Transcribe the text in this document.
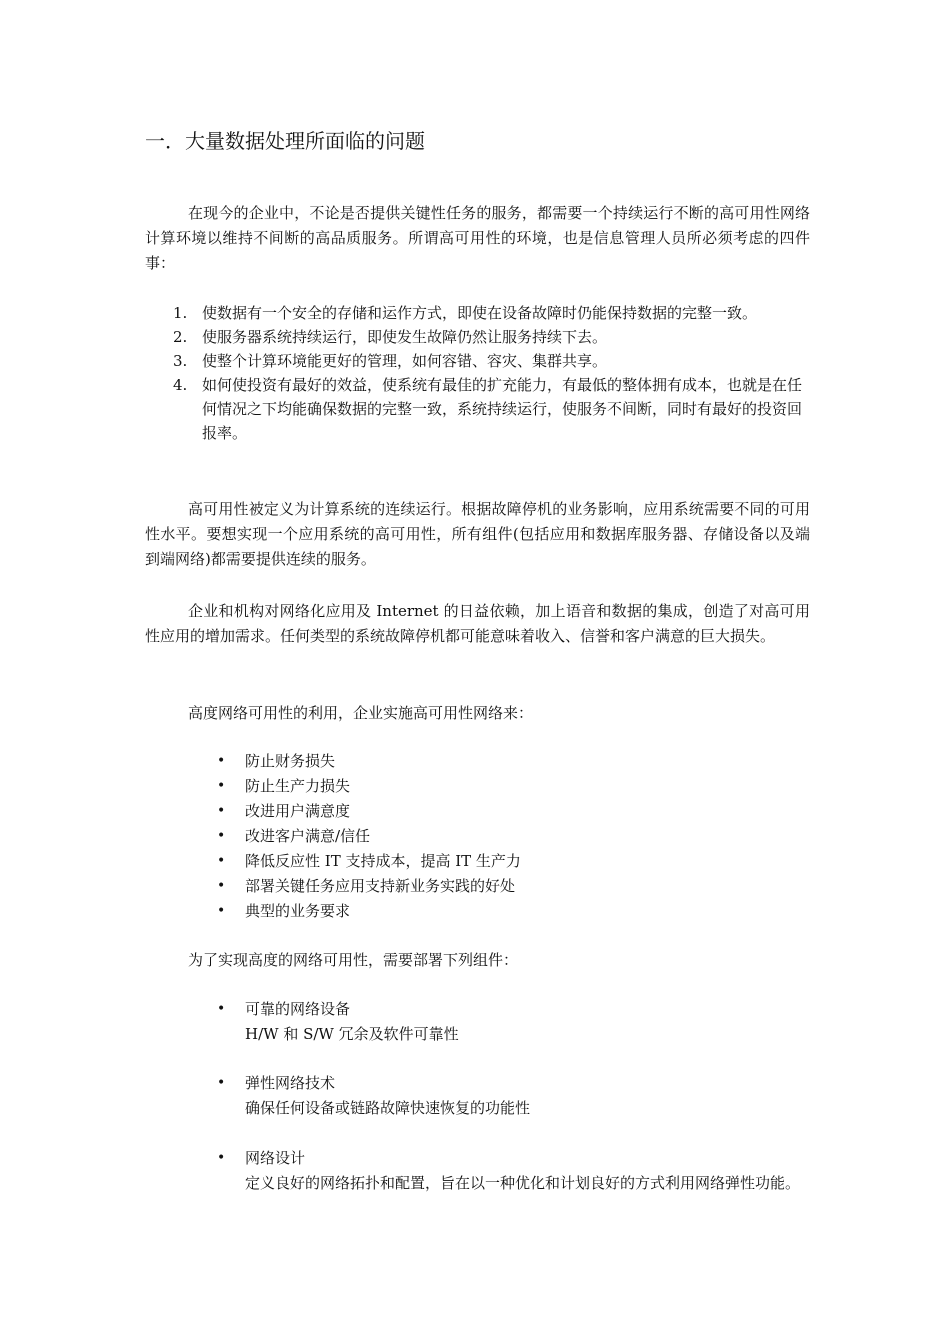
一．大量数据处理所面临的问题

在现今的企业中，不论是否提供关键性任务的服务，都需要一个持续运行不断的高可用性网络计算环境以维持不间断的高品质服务。所谓高可用性的环境，也是信息管理人员所必须考虑的四件事：

1. 使数据有一个安全的存储和运作方式，即使在设备故障时仍能保持数据的完整一致。
2. 使服务器系统持续运行，即使发生故障仍然让服务持续下去。
3. 使整个计算环境能更好的管理，如何容错、容灾、集群共享。
4. 如何使投资有最好的效益，使系统有最佳的扩充能力，有最低的整体拥有成本，也就是在任何情况之下均能确保数据的完整一致，系统持续运行，使服务不间断，同时有最好的投资回报率。

高可用性被定义为计算系统的连续运行。根据故障停机的业务影响，应用系统需要不同的可用性水平。要想实现一个应用系统的高可用性，所有组件(包括应用和数据库服务器、存储设备以及端到端网络)都需要提供连续的服务。

企业和机构对网络化应用及 Internet 的日益依赖，加上语音和数据的集成，创造了对高可用性应用的增加需求。任何类型的系统故障停机都可能意味着收入、信誉和客户满意的巨大损失。

高度网络可用性的利用，企业实施高可用性网络来：

• 防止财务损失
• 防止生产力损失
• 改进用户满意度
• 改进客户满意/信任
• 降低反应性 IT 支持成本，提高 IT 生产力
• 部署关键任务应用支持新业务实践的好处
• 典型的业务要求

为了实现高度的网络可用性，需要部署下列组件：

•	可靠的网络设备
H/W 和 S/W 冗余及软件可靠性
•	弹性网络技术
确保任何设备或链路故障快速恢复的功能性
•	网络设计
定义良好的网络拓扑和配置，旨在以一种优化和计划良好的方式利用网络弹性功能。
